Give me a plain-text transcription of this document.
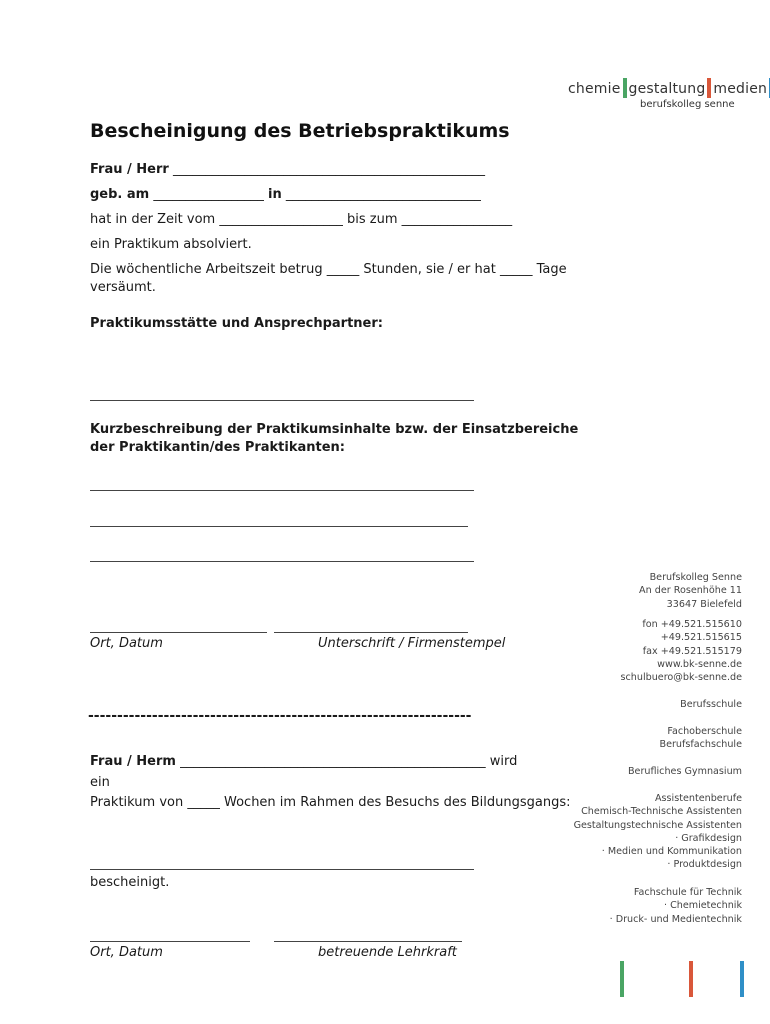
chemie gestaltung medien
berufskolleg senne
Bescheinigung des Betriebspraktikums
Frau / Herr ________________________________________________
geb. am _________________ in ______________________________
hat in der Zeit vom ___________________ bis zum _________________
ein Praktikum absolviert.
Die wöchentliche Arbeitszeit betrug _____ Stunden, sie / er hat _____ Tage
versäumt.
Praktikumsstätte und Ansprechpartner:
Kurzbeschreibung der Praktikumsinhalte bzw. der Einsatzbereiche
der Praktikantin/des Praktikanten:
Ort, Datum	Unterschrift / Firmenstempel
------------------------------------------------------------------
Frau / Herm _______________________________________________ wird
ein
Praktikum von _____ Wochen im Rahmen des Besuchs des Bildungsgangs:
bescheinigt.
Ort, Datum	betreuende Lehrkraft
Berufskolleg Senne
An der Rosenhöhe 11
33647 Bielefeld
fon +49.521.515610
+49.521.515615
fax +49.521.515179
www.bk-senne.de
schulbuero@bk-senne.de
Berufsschule
Fachoberschule
Berufsfachschule
Berufliches Gymnasium
Assistentenberufe
Chemisch-Technische Assistenten
Gestaltungstechnische Assistenten
· Grafikdesign
· Medien und Kommunikation
· Produktdesign
Fachschule für Technik
· Chemietechnik
· Druck- und Medientechnik
